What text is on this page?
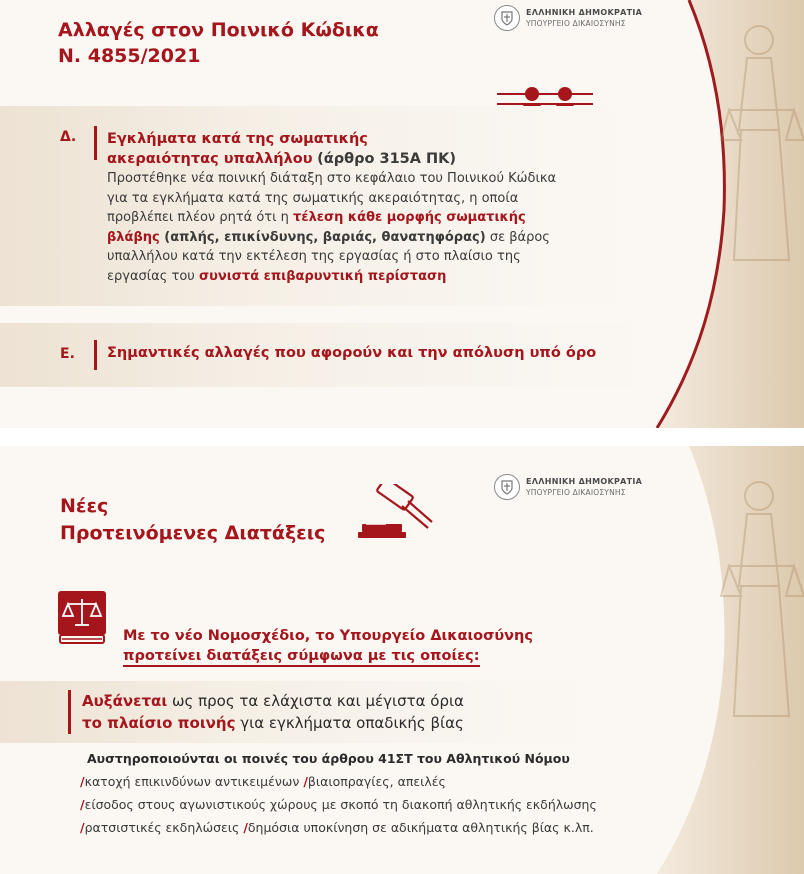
ΕΛΛΗΝΙΚΗ ΔΗΜΟΚΡΑΤΙΑ
ΥΠΟΥΡΓΕΙΟ ΔΙΚΑΙΟΣΥΝΗΣ
Αλλαγές στον Ποινικό Κώδικα
Ν. 4855/2021
Δ. Εγκλήματα κατά της σωματικής
ακεραιότητας υπαλλήλου (άρθρο 315Α ΠΚ)
Προστέθηκε νέα ποινική διάταξη στο κεφάλαιο του Ποινικού Κώδικα
για τα εγκλήματα κατά της σωματικής ακεραιότητας, η οποία
προβλέπει πλέον ρητά ότι η τέλεση κάθε μορφής σωματικής
βλάβης (απλής, επικίνδυνης, βαριάς, θανατηφόρας) σε βάρος
υπαλλήλου κατά την εκτέλεση της εργασίας ή στο πλαίσιο της
εργασίας του συνιστά επιβαρυντική περίσταση
Ε. Σημαντικές αλλαγές που αφορούν και την απόλυση υπό όρο
ΕΛΛΗΝΙΚΗ ΔΗΜΟΚΡΑΤΙΑ
ΥΠΟΥΡΓΕΙΟ ΔΙΚΑΙΟΣΥΝΗΣ
Νέες
Προτεινόμενες Διατάξεις
Με το νέο Νομοσχέδιο, το Υπουργείο Δικαιοσύνης
προτείνει διατάξεις σύμφωνα με τις οποίες:
Αυξάνεται ως προς τα ελάχιστα και μέγιστα όρια
το πλαίσιο ποινής για εγκλήματα οπαδικής βίας
Αυστηροποιούνται οι ποινές του άρθρου 41ΣΤ του Αθλητικού Νόμου
/κατοχή επικινδύνων αντικειμένων /βιαιοπραγίες, απειλές
/είσοδος στους αγωνιστικούς χώρους με σκοπό τη διακοπή αθλητικής εκδήλωσης
/ρατσιστικές εκδηλώσεις /δημόσια υποκίνηση σε αδικήματα αθλητικής βίας κ.λπ.
